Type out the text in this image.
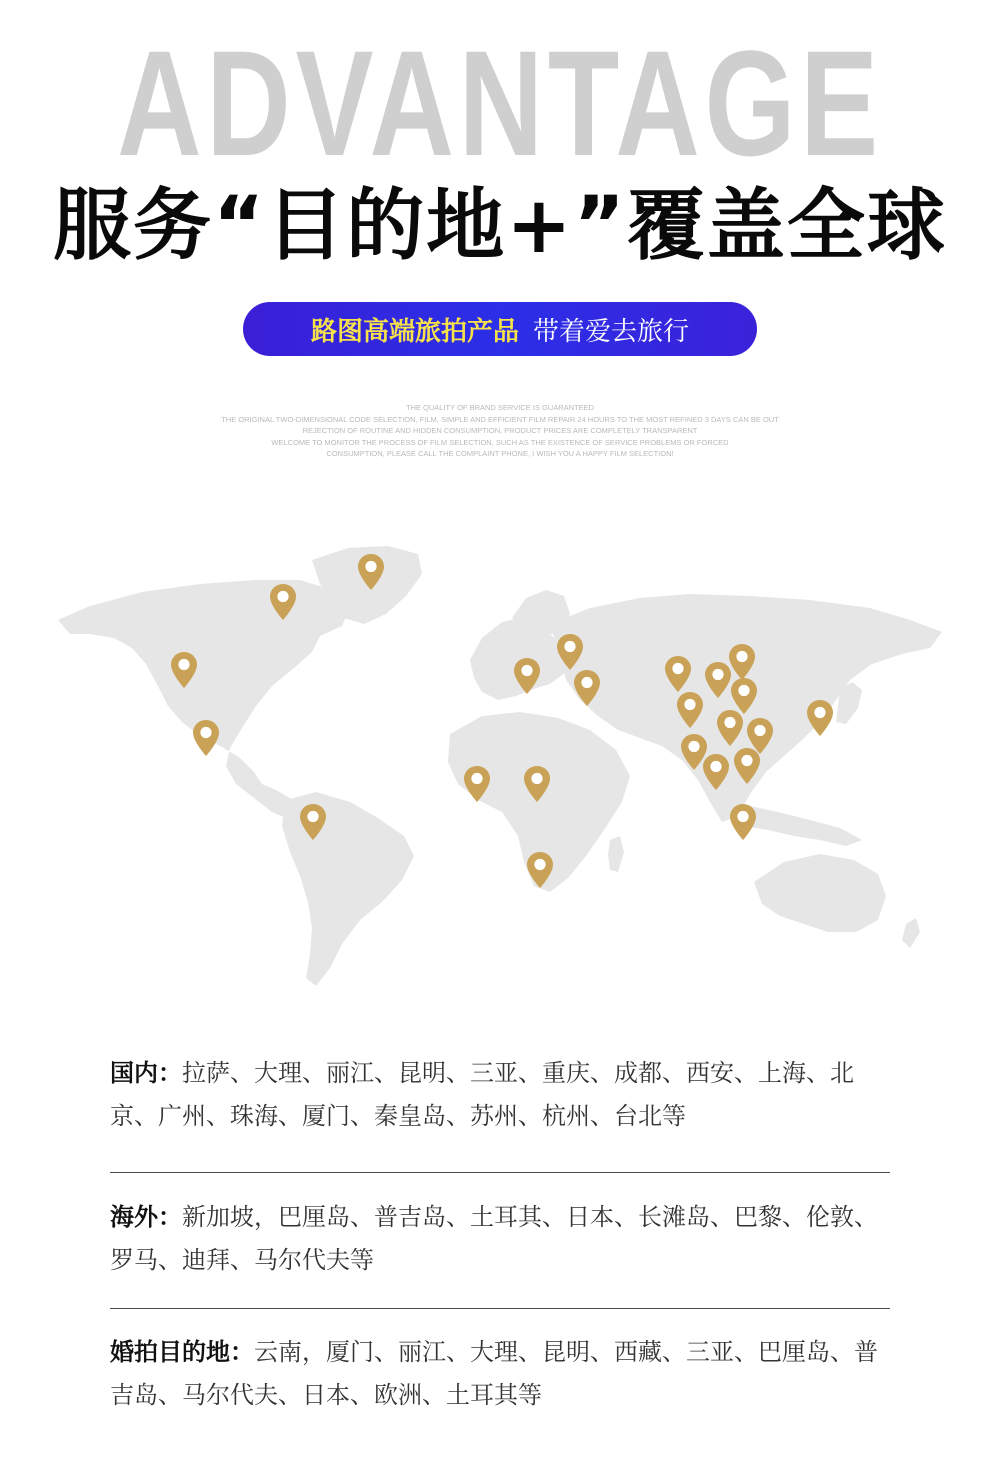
ADVANTAGE
服务“目的地+”覆盖全球
路图高端旅拍产品 带着爱去旅行
THE QUALITY OF BRAND SERVICE IS GUARANTEED
THE ORIGINAL TWO-DIMENSIONAL CODE SELECTION, FILM, SIMPLE AND EFFICIENT FILM REPAIR 24 HOURS TO THE MOST REFINED 3 DAYS CAN BE OUT
REJECTION OF ROUTINE AND HIDDEN CONSUMPTION, PRODUCT PRICES ARE COMPLETELY TRANSPARENT
WELCOME TO MONITOR THE PROCESS OF FILM SELECTION, SUCH AS THE EXISTENCE OF SERVICE PROBLEMS OR FORCED
CONSUMPTION, PLEASE CALL THE COMPLAINT PHONE, I WISH YOU A HAPPY FILM SELECTION!
国内：拉萨、大理、丽江、昆明、三亚、重庆、成都、西安、上海、北京、广州、珠海、厦门、秦皇岛、苏州、杭州、台北等
海外：新加坡，巴厘岛、普吉岛、土耳其、日本、长滩岛、巴黎、伦敦、罗马、迪拜、马尔代夫等
婚拍目的地：云南，厦门、丽江、大理、昆明、西藏、三亚、巴厘岛、普吉岛、马尔代夫、日本、欧洲、土耳其等
